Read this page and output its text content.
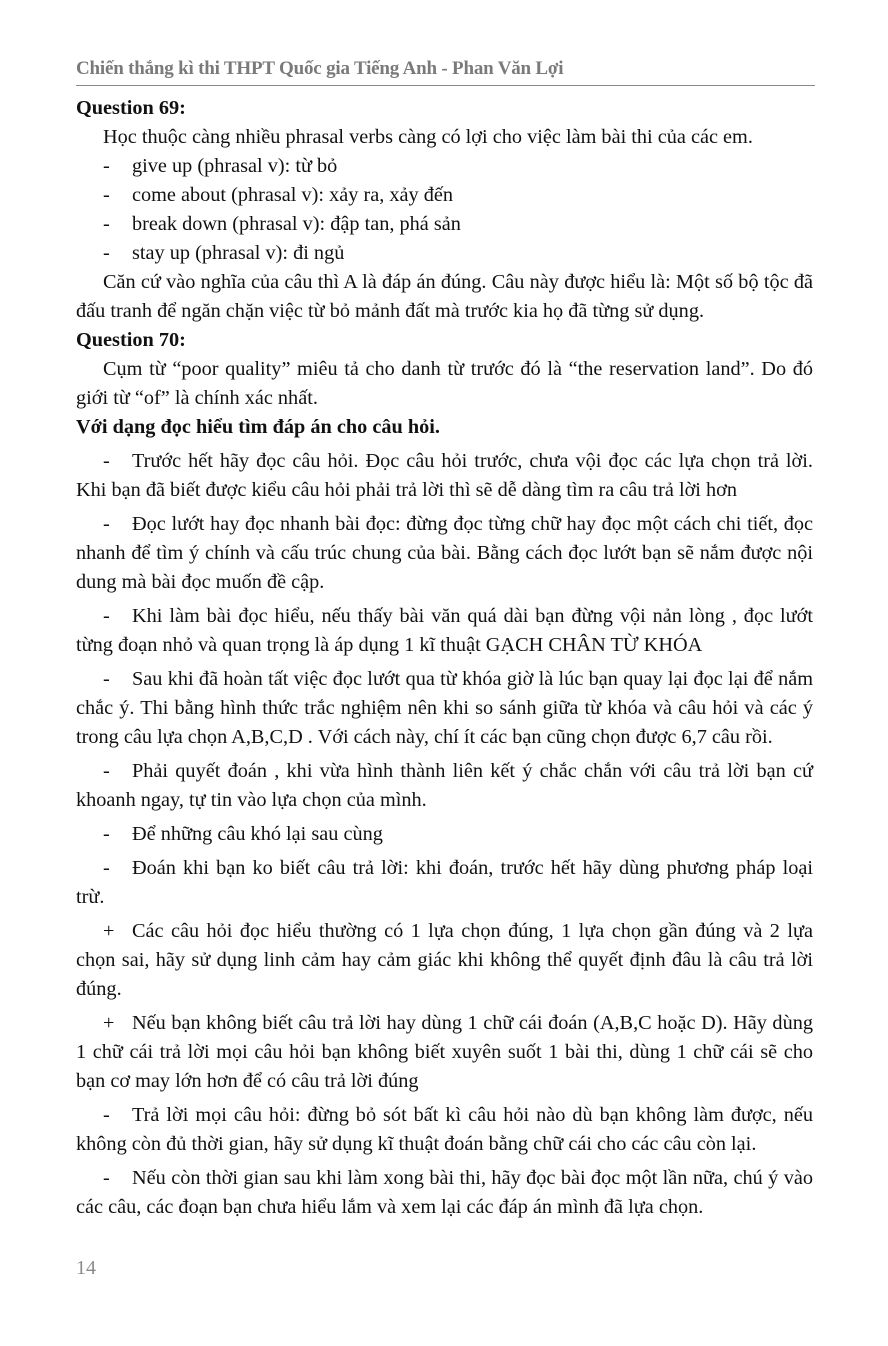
Chiến thắng kì thi THPT Quốc gia Tiếng Anh - Phan Văn Lợi

Question 69:

Học thuộc càng nhiều phrasal verbs càng có lợi cho việc làm bài thi của các em.

- give up (phrasal v): từ bỏ

- come about (phrasal v): xảy ra, xảy đến

- break down (phrasal v): đập tan, phá sản

- stay up (phrasal v): đi ngủ

Căn cứ vào nghĩa của câu thì A là đáp án đúng. Câu này được hiểu là: Một số bộ tộc đã đấu tranh để ngăn chặn việc từ bỏ mảnh đất mà trước kia họ đã từng sử dụng.

Question 70:

Cụm từ “poor quality” miêu tả cho danh từ trước đó là “the reservation land”. Do đó giới từ “of” là chính xác nhất.

Với dạng đọc hiểu tìm đáp án cho câu hỏi.

- Trước hết hãy đọc câu hỏi. Đọc câu hỏi trước, chưa vội đọc các lựa chọn trả lời. Khi bạn đã biết được kiểu câu hỏi phải trả lời thì sẽ dễ dàng tìm ra câu trả lời hơn

- Đọc lướt hay đọc nhanh bài đọc: đừng đọc từng chữ hay đọc một cách chi tiết, đọc nhanh để tìm ý chính và cấu trúc chung của bài. Bằng cách đọc lướt bạn sẽ nắm được nội dung mà bài đọc muốn đề cập.

- Khi làm bài đọc hiểu, nếu thấy bài văn quá dài bạn đừng vội nản lòng , đọc lướt từng đoạn nhỏ và quan trọng là áp dụng 1 kĩ thuật GẠCH CHÂN TỪ KHÓA

- Sau khi đã hoàn tất việc đọc lướt qua từ khóa giờ là lúc bạn quay lại đọc lại để nắm chắc ý. Thi bằng hình thức trắc nghiệm nên khi so sánh giữa từ khóa và câu hỏi và các ý trong câu lựa chọn A,B,C,D . Với cách này, chí ít các bạn cũng chọn được 6,7 câu rồi.

- Phải quyết đoán , khi vừa hình thành liên kết ý chắc chắn với câu trả lời bạn cứ khoanh ngay, tự tin vào lựa chọn của mình.

- Để những câu khó lại sau cùng

- Đoán khi bạn ko biết câu trả lời: khi đoán, trước hết hãy dùng phương pháp loại trừ.

+ Các câu hỏi đọc hiểu thường có 1 lựa chọn đúng, 1 lựa chọn gần đúng và 2 lựa chọn sai, hãy sử dụng linh cảm hay cảm giác khi không thể quyết định đâu là câu trả lời đúng.

+ Nếu bạn không biết câu trả lời hay dùng 1 chữ cái đoán (A,B,C hoặc D). Hãy dùng 1 chữ cái trả lời mọi câu hỏi bạn không biết xuyên suốt 1 bài thi, dùng 1 chữ cái sẽ cho bạn cơ may lớn hơn để có câu trả lời đúng

- Trả lời mọi câu hỏi: đừng bỏ sót bất kì câu hỏi nào dù bạn không làm được, nếu không còn đủ thời gian, hãy sử dụng kĩ thuật đoán bằng chữ cái cho các câu còn lại.

- Nếu còn thời gian sau khi làm xong bài thi, hãy đọc bài đọc một lần nữa, chú ý vào các câu, các đoạn bạn chưa hiểu lắm và xem lại các đáp án mình đã lựa chọn.

14
